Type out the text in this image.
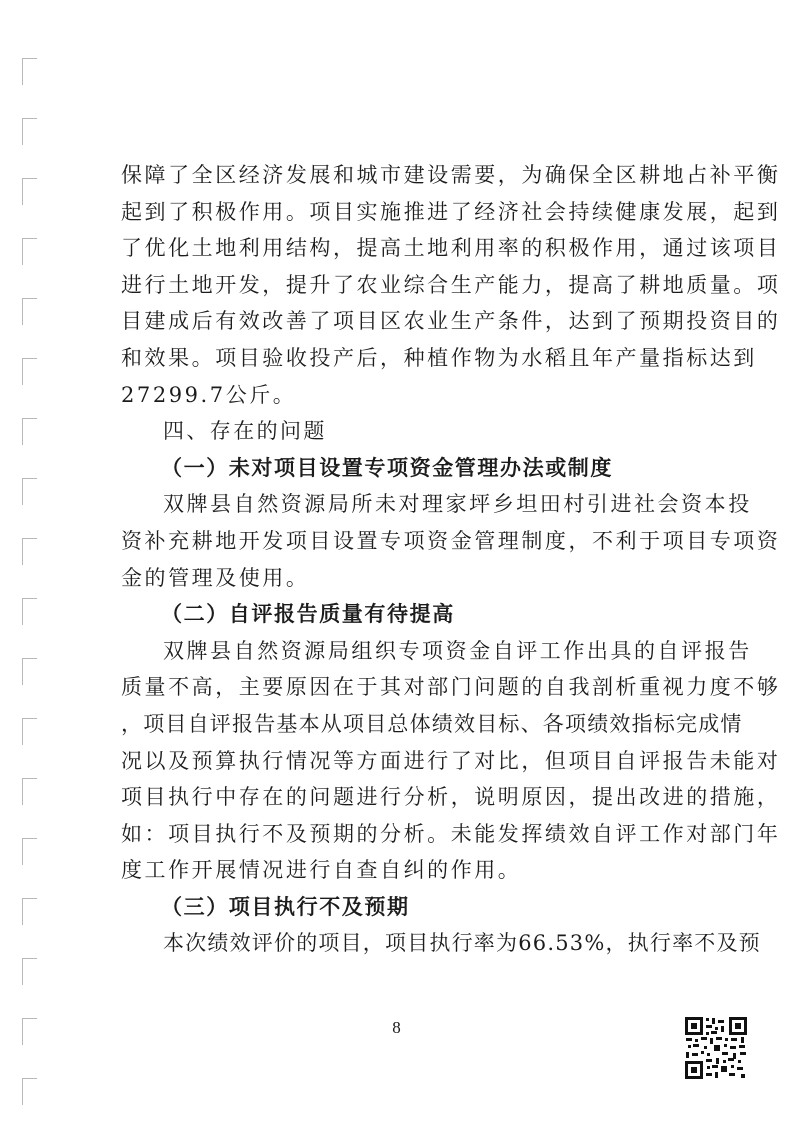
保障了全区经济发展和城市建设需要，为确保全区耕地占补平衡
起到了积极作用。项目实施推进了经济社会持续健康发展，起到
了优化土地利用结构，提高土地利用率的积极作用，通过该项目
进行土地开发，提升了农业综合生产能力，提高了耕地质量。项
目建成后有效改善了项目区农业生产条件，达到了预期投资目的
和效果。项目验收投产后，种植作物为水稻且年产量指标达到
27299.7公斤。
四、存在的问题
（一）未对项目设置专项资金管理办法或制度
双牌县自然资源局所未对理家坪乡坦田村引进社会资本投
资补充耕地开发项目设置专项资金管理制度，不利于项目专项资
金的管理及使用。
（二）自评报告质量有待提高
双牌县自然资源局组织专项资金自评工作出具的自评报告
质量不高，主要原因在于其对部门问题的自我剖析重视力度不够
，项目自评报告基本从项目总体绩效目标、各项绩效指标完成情
况以及预算执行情况等方面进行了对比，但项目自评报告未能对
项目执行中存在的问题进行分析，说明原因，提出改进的措施，
如：项目执行不及预期的分析。未能发挥绩效自评工作对部门年
度工作开展情况进行自查自纠的作用。
（三）项目执行不及预期
本次绩效评价的项目，项目执行率为66.53%，执行率不及预
8
